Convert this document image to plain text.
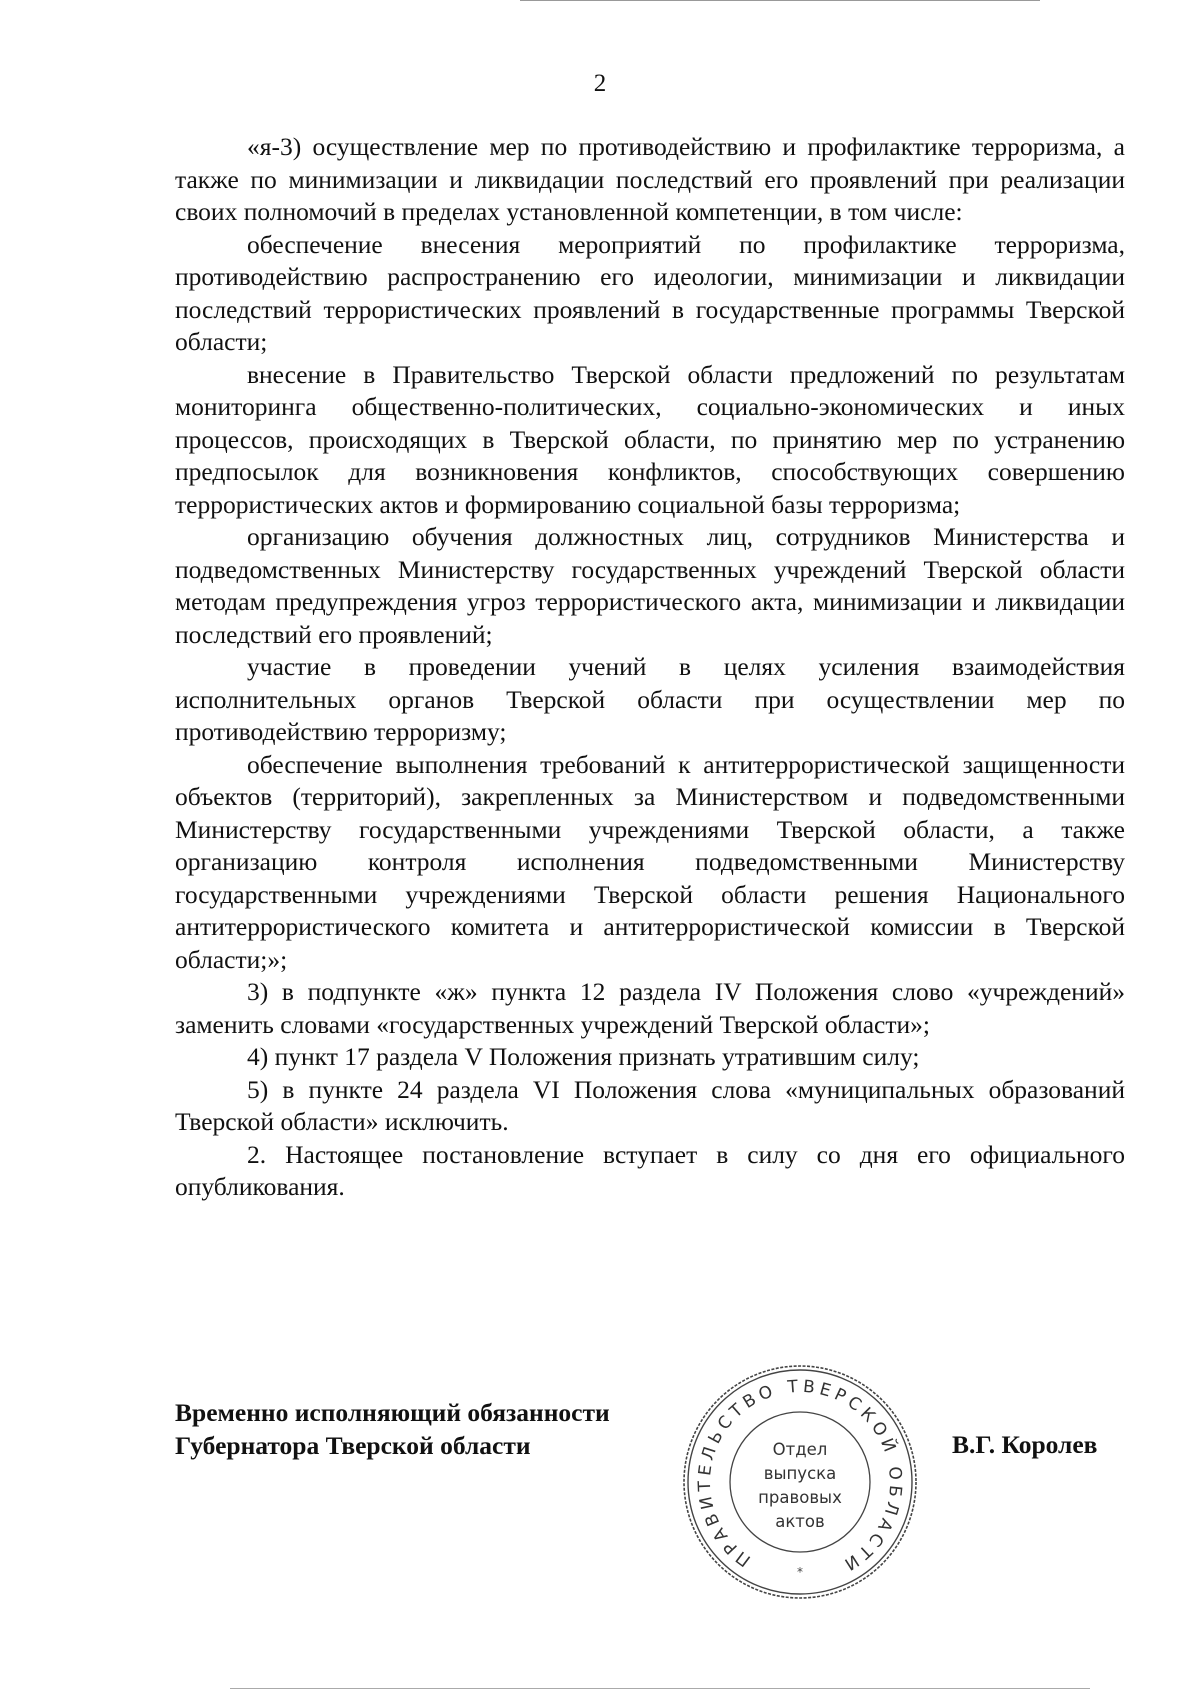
2

«я-3) осуществление мер по противодействию и профилактике терроризма, а также по минимизации и ликвидации последствий его проявлений при реализации своих полномочий в пределах установленной компетенции, в том числе:

обеспечение внесения мероприятий по профилактике терроризма, противодействию распространению его идеологии, минимизации и ликвидации последствий террористических проявлений в государственные программы Тверской области;

внесение в Правительство Тверской области предложений по результатам мониторинга общественно-политических, социально-экономических и иных процессов, происходящих в Тверской области, по принятию мер по устранению предпосылок для возникновения конфликтов, способствующих совершению террористических актов и формированию социальной базы терроризма;

организацию обучения должностных лиц, сотрудников Министерства и подведомственных Министерству государственных учреждений Тверской области методам предупреждения угроз террористического акта, минимизации и ликвидации последствий его проявлений;

участие в проведении учений в целях усиления взаимодействия исполнительных органов Тверской области при осуществлении мер по противодействию терроризму;

обеспечение выполнения требований к антитеррористической защищенности объектов (территорий), закрепленных за Министерством и подведомственными Министерству государственными учреждениями Тверской области, а также организацию контроля исполнения подведомственными Министерству государственными учреждениями Тверской области решения Национального антитеррористического комитета и антитеррористической комиссии в Тверской области;»;

3) в подпункте «ж» пункта 12 раздела IV Положения слово «учреждений» заменить словами «государственных учреждений Тверской области»;

4) пункт 17 раздела V Положения признать утратившим силу;

5) в пункте 24 раздела VI Положения слова «муниципальных образований Тверской области» исключить.

2. Настоящее постановление вступает в силу со дня его официального опубликования.

Временно исполняющий обязанности
Губернатора Тверской области
ПРАВИТЕЛЬСТВО ТВЕРСКОЙ ОБЛАСТИ
Отдел
выпуска
правовых
актов
*
В.Г. Королев
